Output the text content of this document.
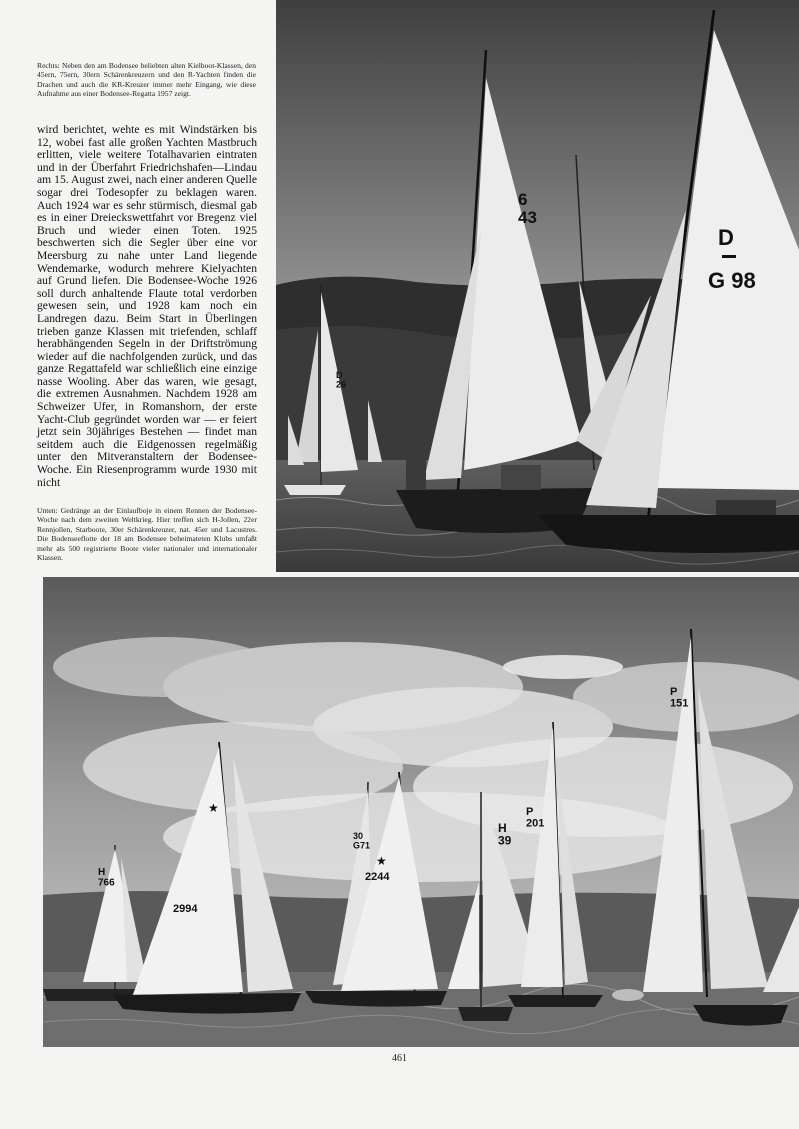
Rechts: Neben den am Bodensee beliebten alten Kielboot-Klassen, den 45ern, 75ern, 30ern Schärenkreuzern und den R-Yachten finden die Drachen und auch die KR-Kreuzer immer mehr Eingang, wie diese Aufnahme aus einer Bodensee-Regatta 1957 zeigt.
wird berichtet, wehte es mit Windstärken bis 12, wobei fast alle großen Yachten Mastbruch erlitten, viele weitere Totalhavarien eintraten und in der Überfahrt Friedrichshafen—Lindau am 15. August zwei, nach einer anderen Quelle sogar drei Todesopfer zu beklagen waren. Auch 1924 war es sehr stürmisch, diesmal gab es in einer Dreieckswettfahrt vor Bregenz viel Bruch und wieder einen Toten. 1925 beschwerten sich die Segler über eine vor Meersburg zu nahe unter Land liegende Wendemarke, wodurch mehrere Kielyachten auf Grund liefen. Die Bodensee-Woche 1926 soll durch anhaltende Flaute total verdorben gewesen sein, und 1928 kam noch ein Landregen dazu. Beim Start in Überlingen trieben ganze Klassen mit triefenden, schlaff herabhängenden Segeln in der Driftströmung wieder auf die nachfolgenden zurück, und das ganze Regattafeld war schließlich eine einzige nasse Wooling. Aber das waren, wie gesagt, die extremen Ausnahmen. Nachdem 1928 am Schweizer Ufer, in Romanshorn, der erste Yacht-Club gegründet worden war — er feiert jetzt sein 30jähriges Bestehen — findet man seitdem auch die Eidgenossen regelmäßig unter den Mitveranstaltern der Bodensee-Woche. Ein Riesenprogramm wurde 1930 mit nicht
Unten: Gedränge an der Einlaufboje in einem Rennen der Bodensee-Woche nach dem zweiten Weltkrieg. Hier treffen sich H-Jollen, 22er Rennjollen, Starboote, 30er Schärenkreuzer, nat. 45er und Lacustres. Die Bodenseeflotte der 18 am Bodensee beheimateten Klubs umfaßt mehr als 500 registrierte Boote vieler nationaler und internationaler Klassen.
D 26
6 43
D
G 98
H 766
★
2994
30 G71
★
2244
H 39
P 201
P 151
461
